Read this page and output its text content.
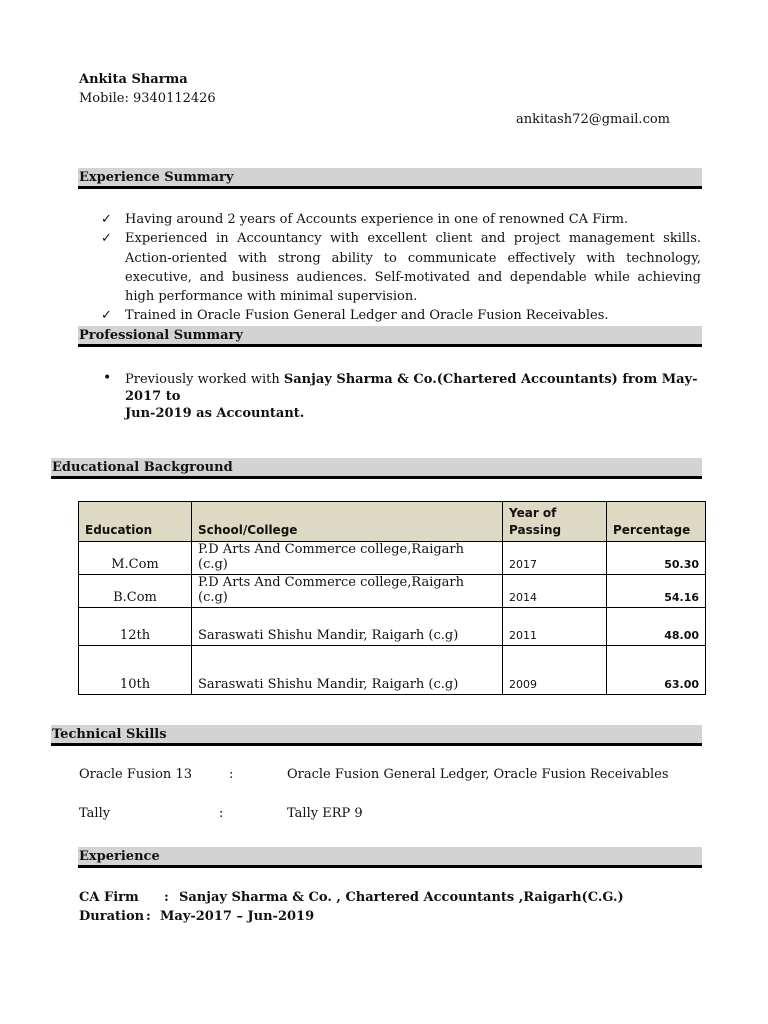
Ankita Sharma
Mobile: 9340112426
ankitash72@gmail.com
Experience Summary
✓ Having around 2 years of Accounts experience in one of renowned CA Firm.
✓ Experienced in Accountancy with excellent client and project management skills. Action-oriented with strong ability to communicate effectively with technology, executive, and business audiences. Self-motivated and dependable while achieving high performance with minimal supervision.
✓ Trained in Oracle Fusion General Ledger and Oracle Fusion Receivables.
Professional Summary
• Previously worked with Sanjay Sharma & Co.(Chartered Accountants) from May-2017 to
Jun-2019 as Accountant.
Educational Background
Education	School/College	Year of Passing	Percentage
M.Com	P.D Arts And Commerce college,Raigarh (c.g)	2017	50.30
B.Com	P.D Arts And Commerce college,Raigarh (c.g)	2014	54.16
12th	Saraswati Shishu Mandir, Raigarh (c.g)	2011	48.00
10th	Saraswati Shishu Mandir, Raigarh (c.g)	2009	63.00
Technical Skills
Oracle Fusion 13	:	Oracle Fusion General Ledger, Oracle Fusion Receivables
Tally	:	Tally ERP 9
Experience
CA Firm : Sanjay Sharma & Co. , Chartered Accountants ,Raigarh(C.G.)
Duration : May-2017 – Jun-2019
